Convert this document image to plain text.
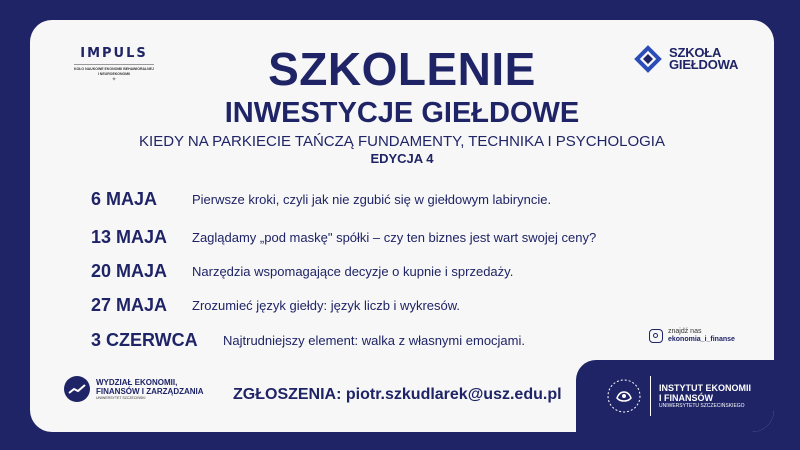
IMPULS
KOŁO NAUKOWE EKONOMII BEHAWIORALNEJ I NEUROEKONOMII
✦
SZKOŁA
GIEŁDOWA
SZKOLENIE
INWESTYCJE GIEŁDOWE
KIEDY NA PARKIECIE TAŃCZĄ FUNDAMENTY, TECHNIKA I PSYCHOLOGIA
EDYCJA 4
6 MAJA	Pierwsze kroki, czyli jak nie zgubić się w giełdowym labiryncie.
13 MAJA	Zaglądamy „pod maskę" spółki – czy ten biznes jest wart swojej ceny?
20 MAJA	Narzędzia wspomagające decyzje o kupnie i sprzedaży.
27 MAJA	Zrozumieć język giełdy: język liczb i wykresów.
3 CZERWCA	Najtrudniejszy element: walka z własnymi emocjami.
znajdź nas
ekonomia_i_finanse
WYDZIAŁ EKONOMII,
FINANSÓW I ZARZĄDZANIA
UNIWERSYTET SZCZECIŃSKI	ZGŁOSZENIA: piotr.szkudlarek@usz.edu.pl	INSTYTUT EKONOMII
I FINANSÓW
UNIWERSYTETU SZCZECIŃSKIEGO
